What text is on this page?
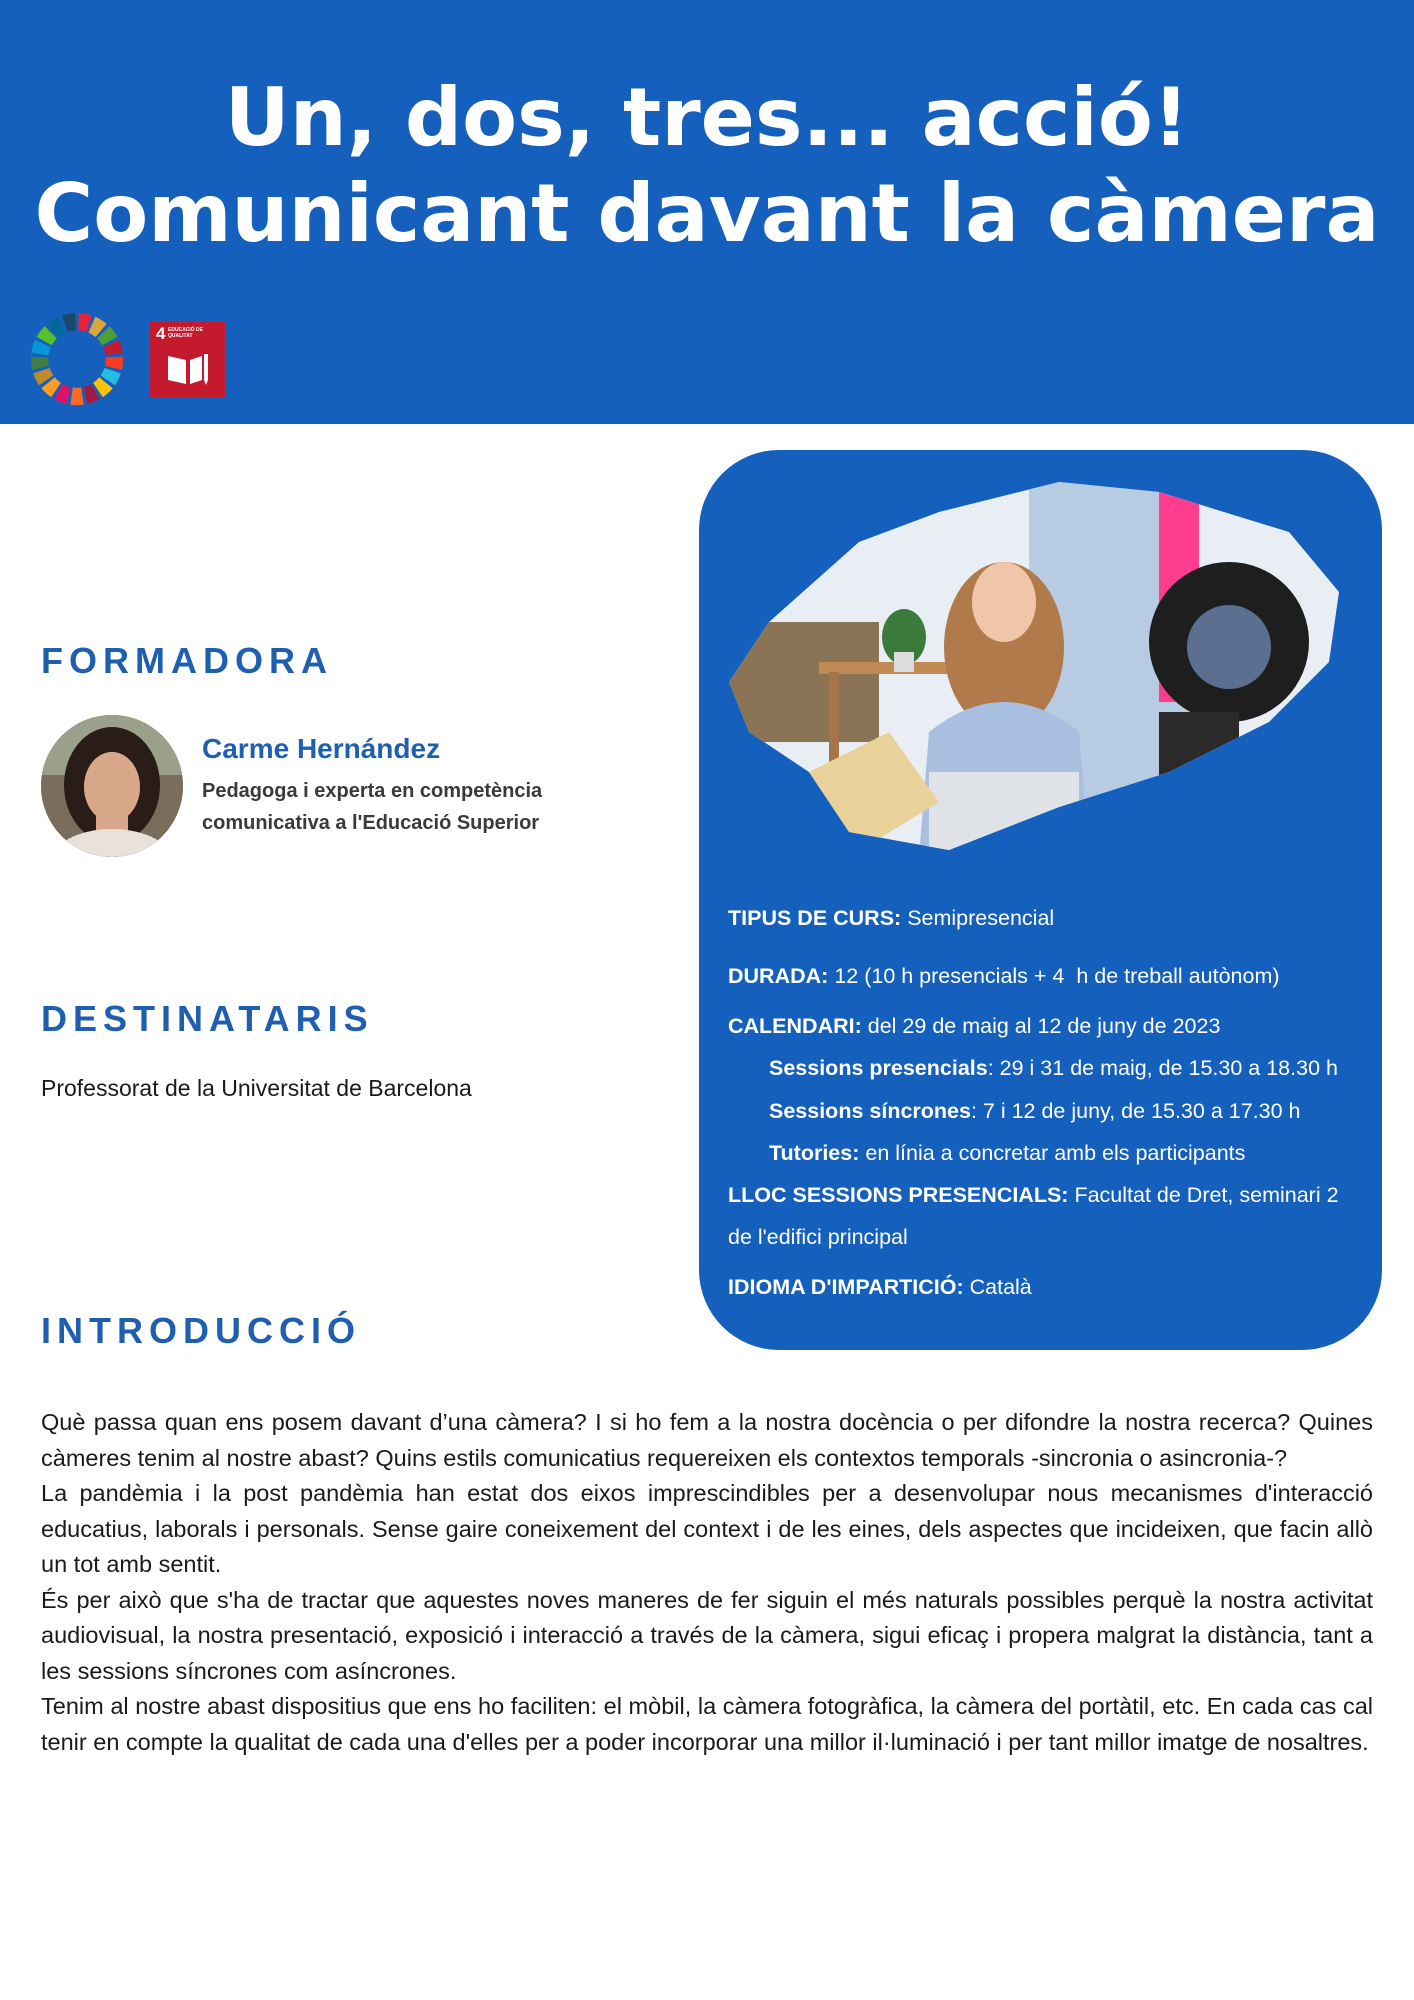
Un, dos, tres... acció!
Comunicant davant la càmera
4 EDUCACIÓ DE QUALITAT
FORMADORA
Carme Hernández
Pedagoga i experta en competència comunicativa a l'Educació Superior
DESTINATARIS
Professorat de la Universitat de Barcelona
TIPUS DE CURS: Semipresencial
DURADA: 12 (10 h presencials + 4  h de treball autònom)
CALENDARI: del 29 de maig al 12 de juny de 2023
Sessions presencials: 29 i 31 de maig, de 15.30 a 18.30 h
Sessions síncrones: 7 i 12 de juny, de 15.30 a 17.30 h
Tutories: en línia a concretar amb els participants
LLOC SESSIONS PRESENCIALS: Facultat de Dret, seminari 2
de l'edifici principal
IDIOMA D'IMPARTICIÓ: Català
INTRODUCCIÓ

Què passa quan ens posem davant d’una càmera? I si ho fem a la nostra docència o per difondre la nostra recerca? Quines càmeres tenim al nostre abast? Quins estils comunicatius requereixen els contextos temporals -sincronia o asincronia-?

La pandèmia i la post pandèmia han estat dos eixos imprescindibles per a desenvolupar nous mecanismes d'interacció educatius, laborals i personals. Sense gaire coneixement del context i de les eines, dels aspectes que incideixen, que facin allò un tot amb sentit.

És per això que s'ha de tractar que aquestes noves maneres de fer siguin el més naturals possibles perquè la nostra activitat audiovisual, la nostra presentació, exposició i interacció a través de la càmera, sigui eficaç i propera malgrat la distància, tant a les sessions síncrones com asíncrones.

Tenim al nostre abast dispositius que ens ho faciliten: el mòbil, la càmera fotogràfica, la càmera del portàtil, etc. En cada cas cal tenir en compte la qualitat de cada una d'elles per a poder incorporar una millor il·luminació i per tant millor imatge de nosaltres.
